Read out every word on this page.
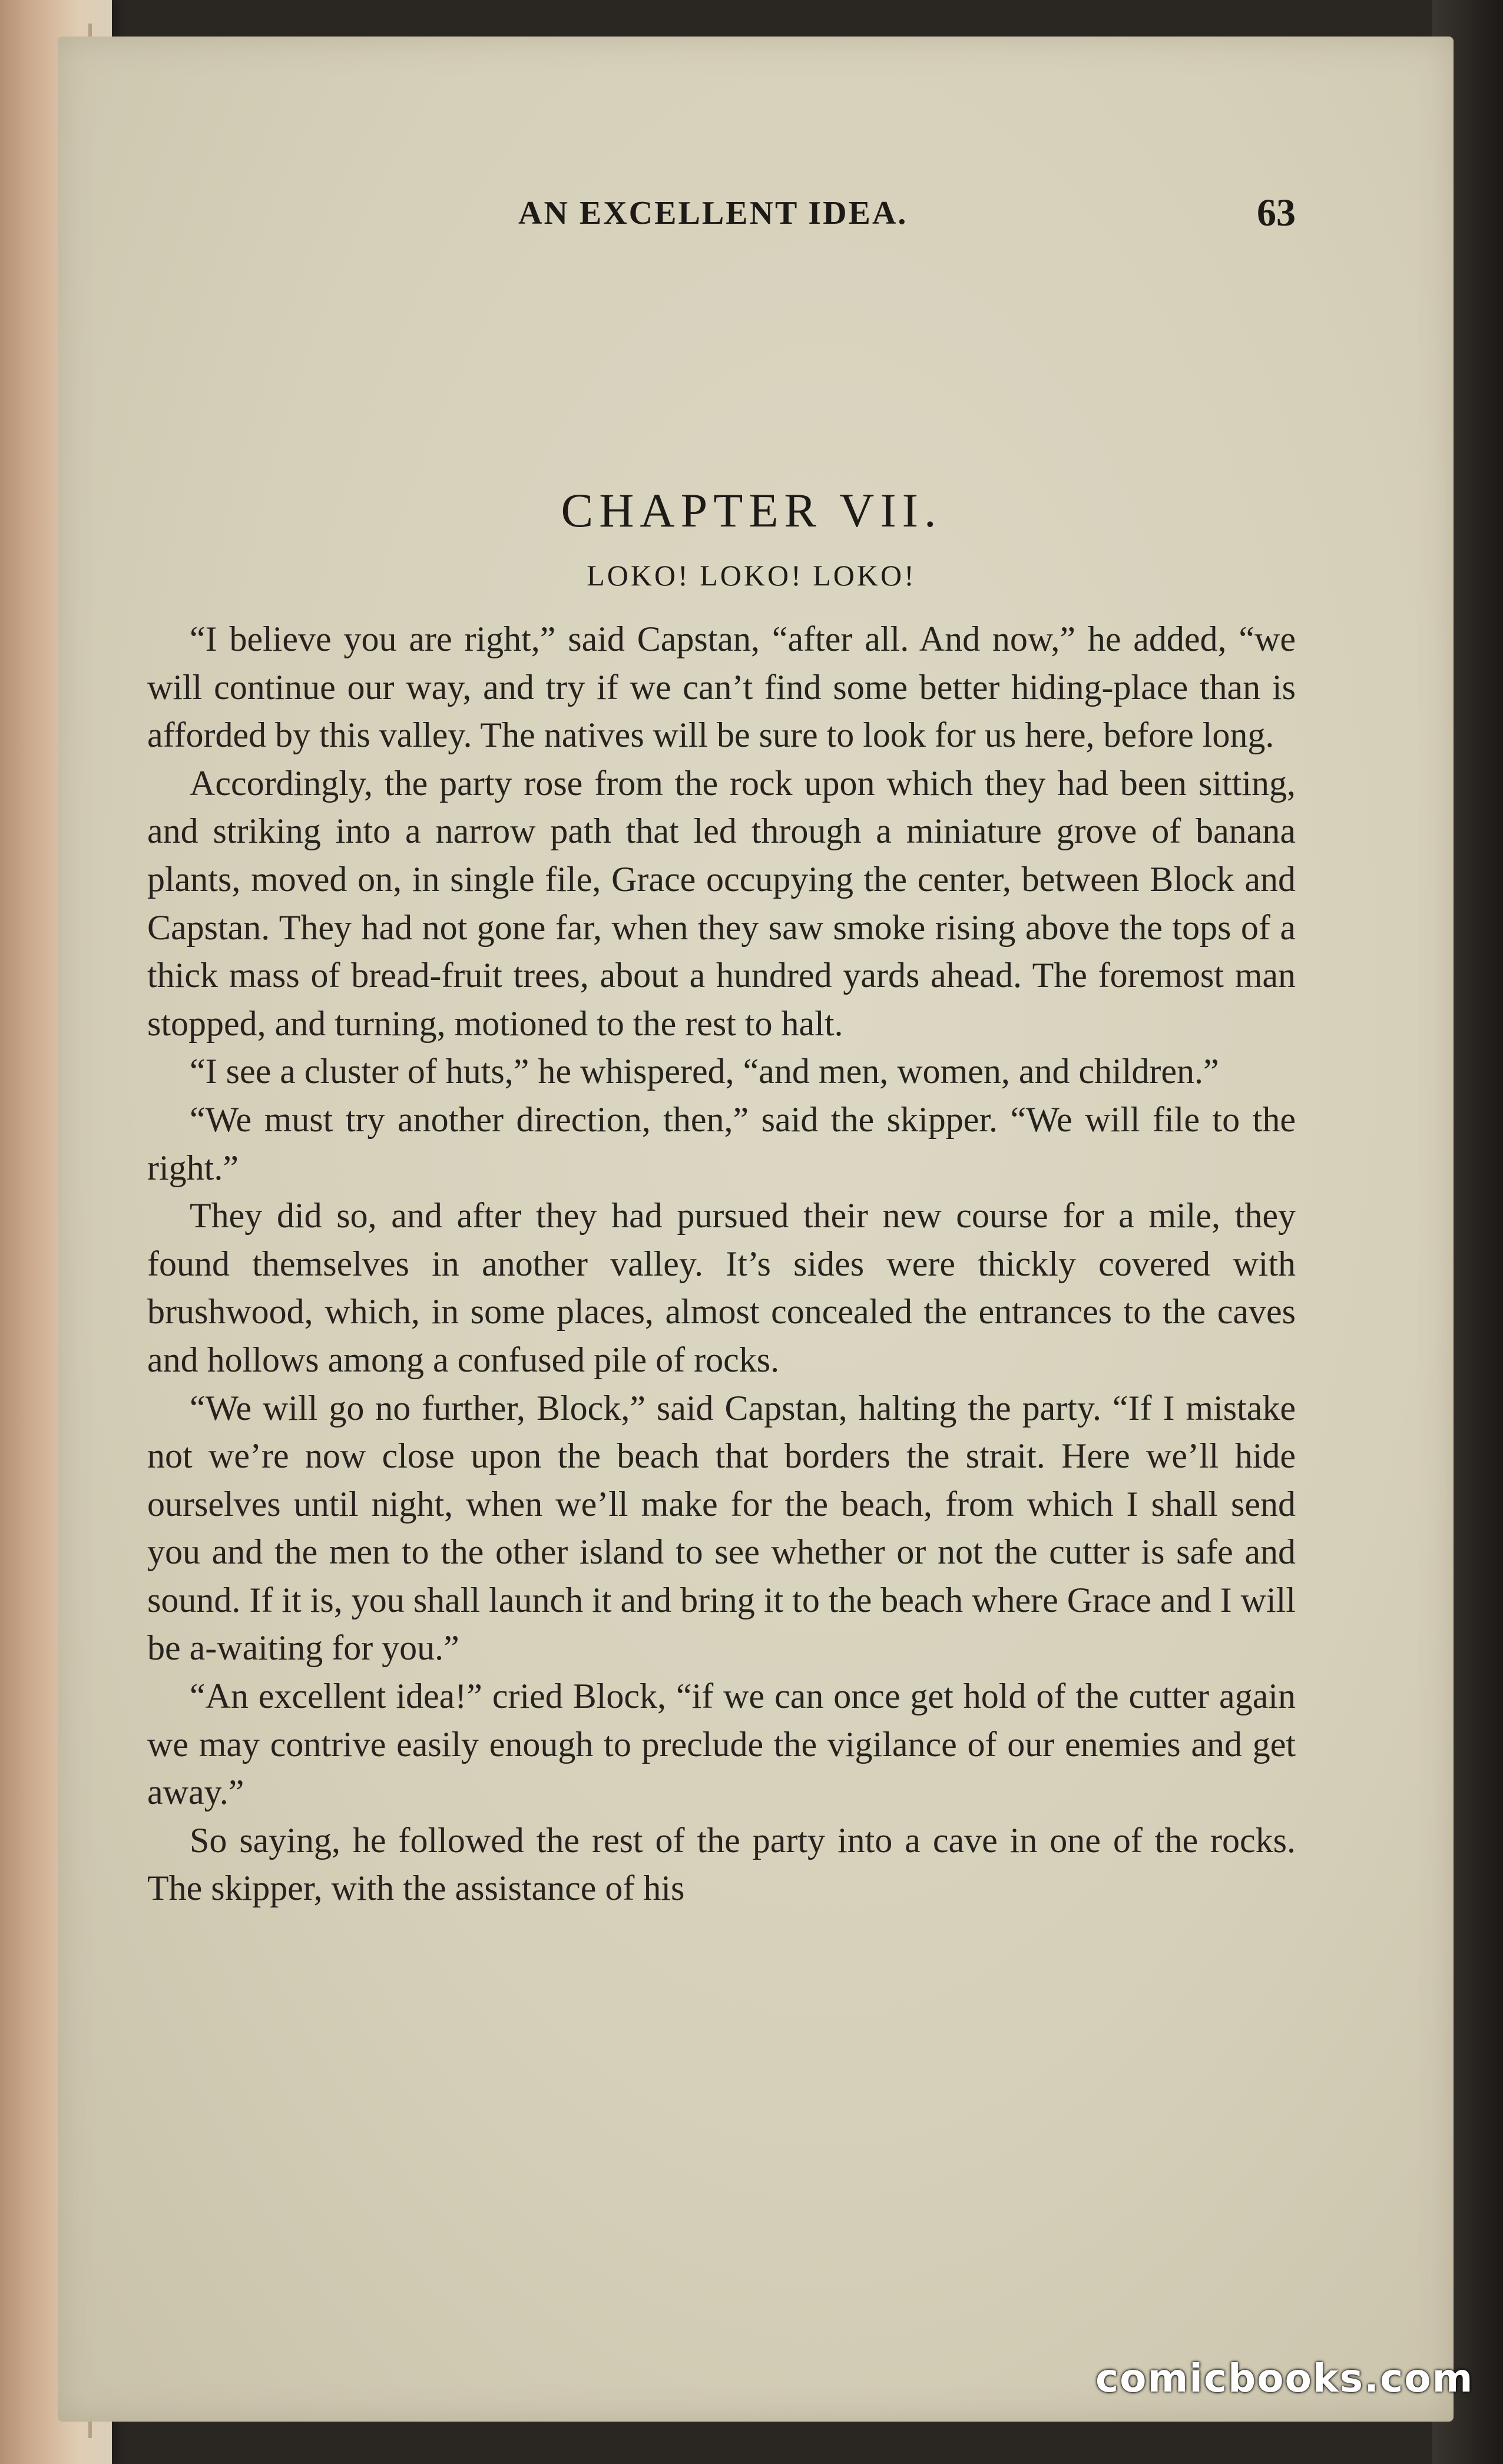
AN EXCELLENT IDEA.	63
CHAPTER VII.
LOKO! LOKO! LOKO!

“I believe you are right,” said Capstan, “after all. And now,” he added, “we will continue our way, and try if we can’t find some better hiding-place than is afforded by this valley. The natives will be sure to look for us here, before long.

Accordingly, the party rose from the rock upon which they had been sitting, and striking into a narrow path that led through a miniature grove of banana plants, moved on, in single file, Grace occupying the center, between Block and Capstan. They had not gone far, when they saw smoke rising above the tops of a thick mass of bread-fruit trees, about a hundred yards ahead. The foremost man stopped, and turning, motioned to the rest to halt.

“I see a cluster of huts,” he whispered, “and men, women, and children.”

“We must try another direction, then,” said the skipper. “We will file to the right.”

They did so, and after they had pursued their new course for a mile, they found themselves in another valley. It’s sides were thickly covered with brushwood, which, in some places, almost concealed the entrances to the caves and hollows among a confused pile of rocks.

“We will go no further, Block,” said Capstan, halting the party. “If I mistake not we’re now close upon the beach that borders the strait. Here we’ll hide ourselves until night, when we’ll make for the beach, from which I shall send you and the men to the other island to see whether or not the cutter is safe and sound. If it is, you shall launch it and bring it to the beach where Grace and I will be a-waiting for you.”

“An excellent idea!” cried Block, “if we can once get hold of the cutter again we may contrive easily enough to preclude the vigilance of our enemies and get away.”

So saying, he followed the rest of the party into a cave in one of the rocks. The skipper, with the assistance of his

comicbooks.com
